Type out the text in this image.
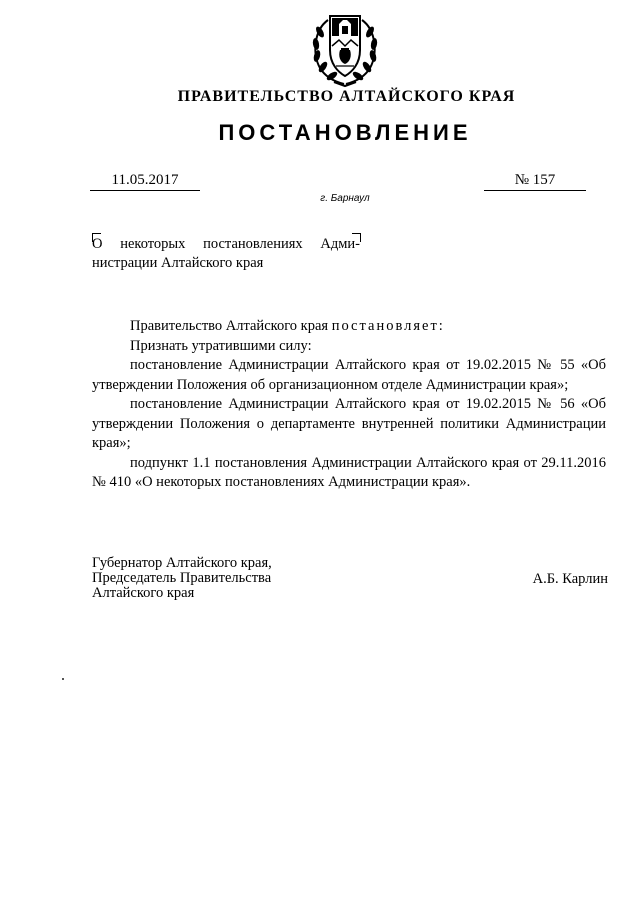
ПРАВИТЕЛЬСТВО АЛТАЙСКОГО КРАЯ
ПОСТАНОВЛЕНИЕ
11.05.2017	№ 157
г. Барнаул
О некоторых постановлениях Адми-
нистрации Алтайского края

Правительство Алтайского края постановляет:

Признать утратившими силу:

постановление Администрации Алтайского края от 19.02.2015 № 55 «Об утверждении Положения об организационном отделе Администрации края»;

постановление Администрации Алтайского края от 19.02.2015 № 56 «Об утверждении Положения о департаменте внутренней политики Администрации края»;

подпункт 1.1 постановления Администрации Алтайского края от 29.11.2016 № 410 «О некоторых постановлениях Администрации края».

Губернатор Алтайского края,
Председатель Правительства
Алтайского края
А.Б. Карлин
